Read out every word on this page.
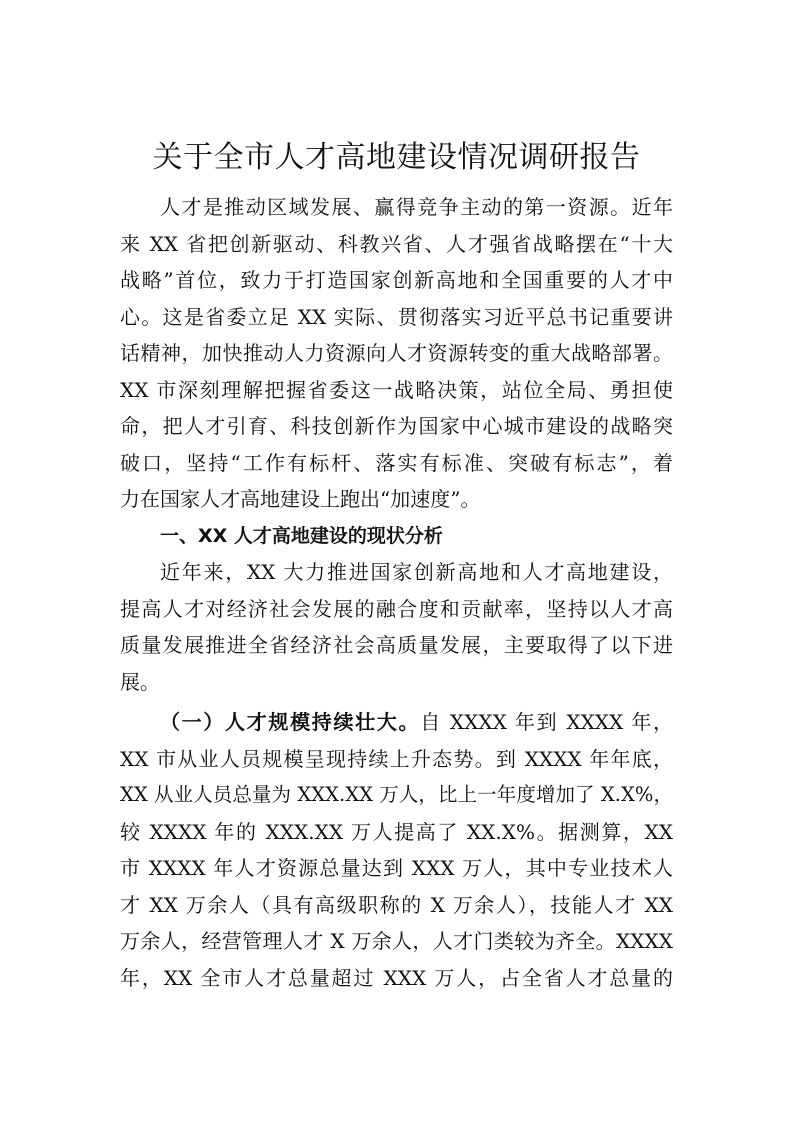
关于全市人才高地建设情况调研报告
人才是推动区域发展、赢得竞争主动的第一资源。近年
来 XX 省把创新驱动、科教兴省、人才强省战略摆在“十大
战略”首位，致力于打造国家创新高地和全国重要的人才中
心。这是省委立足 XX 实际、贯彻落实习近平总书记重要讲
话精神，加快推动人力资源向人才资源转变的重大战略部署。
XX 市深刻理解把握省委这一战略决策，站位全局、勇担使
命，把人才引育、科技创新作为国家中心城市建设的战略突
破口，坚持“工作有标杆、落实有标准、突破有标志”，着
力在国家人才高地建设上跑出“加速度”。
一、XX 人才高地建设的现状分析
近年来，XX 大力推进国家创新高地和人才高地建设，
提高人才对经济社会发展的融合度和贡献率，坚持以人才高
质量发展推进全省经济社会高质量发展，主要取得了以下进
展。
（一）人才规模持续壮大。自 XXXX 年到 XXXX 年，
XX 市从业人员规模呈现持续上升态势。到 XXXX 年年底，
XX 从业人员总量为 XXX.XX 万人，比上一年度增加了 X.X%，
较 XXXX 年的 XXX.XX 万人提高了 XX.X%。据测算，XX
市 XXXX 年人才资源总量达到 XXX 万人，其中专业技术人
才 XX 万余人（具有高级职称的 X 万余人），技能人才 XX
万余人，经营管理人才 X 万余人，人才门类较为齐全。XXXX
年，XX 全市人才总量超过 XXX 万人，占全省人才总量的
